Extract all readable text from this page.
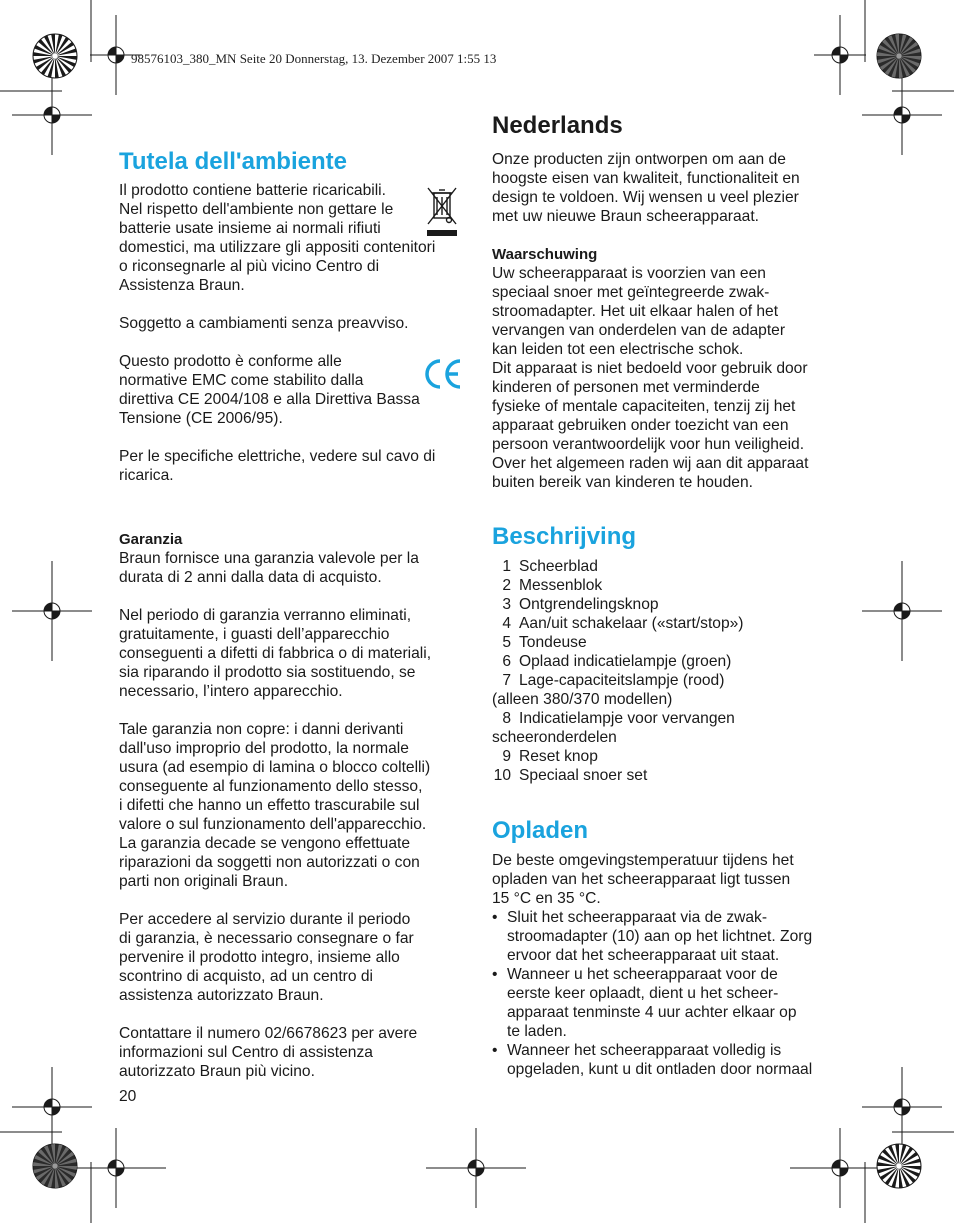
98576103_380_MN Seite 20 Donnerstag, 13. Dezember 2007 1:55 13
Tutela dell'ambiente

Il prodotto contiene batterie ricaricabili.

Nel rispetto dell'ambiente non gettare le

batterie usate insieme ai normali rifiuti

domestici, ma utilizzare gli appositi contenitori

o riconsegnarle al più vicino Centro di

Assistenza Braun.

Soggetto a cambiamenti senza preavviso.

Questo prodotto è conforme alle

normative EMC come stabilito dalla

direttiva CE 2004/108 e alla Direttiva Bassa

Tensione (CE 2006/95).

Per le specifiche elettriche, vedere sul cavo di

ricarica.

Garanzia

Braun fornisce una garanzia valevole per la

durata di 2 anni dalla data di acquisto.

Nel periodo di garanzia verranno eliminati,

gratuitamente, i guasti dell’apparecchio

conseguenti a difetti di fabbrica o di materiali,

sia riparando il prodotto sia sostituendo, se

necessario, l’intero apparecchio.

Tale garanzia non copre: i danni derivanti

dall'uso improprio del prodotto, la normale

usura (ad esempio di lamina o blocco coltelli)

conseguente al funzionamento dello stesso,

i difetti che hanno un effetto trascurabile sul

valore o sul funzionamento dell'apparecchio.

La garanzia decade se vengono effettuate

riparazioni da soggetti non autorizzati o con

parti non originali Braun.

Per accedere al servizio durante il periodo

di garanzia, è necessario consegnare o far

pervenire il prodotto integro, insieme allo

scontrino di acquisto, ad un centro di

assistenza autorizzato Braun.

Contattare il numero 02/6678623 per avere

informazioni sul Centro di assistenza

autorizzato Braun più vicino.

20
Nederlands

Onze producten zijn ontworpen om aan de

hoogste eisen van kwaliteit, functionaliteit en

design te voldoen. Wij wensen u veel plezier

met uw nieuwe Braun scheerapparaat.

Waarschuwing

Uw scheerapparaat is voorzien van een

speciaal snoer met geïntegreerde zwak-

stroomadapter. Het uit elkaar halen of het

vervangen van onderdelen van de adapter

kan leiden tot een electrische schok.

Dit apparaat is niet bedoeld voor gebruik door

kinderen of personen met verminderde

fysieke of mentale capaciteiten, tenzij zij het

apparaat gebruiken onder toezicht van een

persoon verantwoordelijk voor hun veiligheid.

Over het algemeen raden wij aan dit apparaat

buiten bereik van kinderen te houden.

Beschrijving
1 Scheerblad
2 Messenblok
3 Ontgrendelingsknop
4 Aan/uit schakelaar («start/stop»)
5 Tondeuse
6 Oplaad indicatielampje (groen)
7 Lage-capaciteitslampje (rood)
(alleen 380/370 modellen)
8 Indicatielampje voor vervangen
scheeronderdelen
9 Reset knop
10 Speciaal snoer set
Opladen

De beste omgevingstemperatuur tijdens het

opladen van het scheerapparaat ligt tussen

15 °C en 35 °C.

• Sluit het scheerapparaat via de zwak-
stroomadapter (10) aan op het lichtnet. Zorg
ervoor dat het scheerapparaat uit staat.
• Wanneer u het scheerapparaat voor de
eerste keer oplaadt, dient u het scheer-
apparaat tenminste 4 uur achter elkaar op
te laden.
• Wanneer het scheerapparaat volledig is
opgeladen, kunt u dit ontladen door normaal
